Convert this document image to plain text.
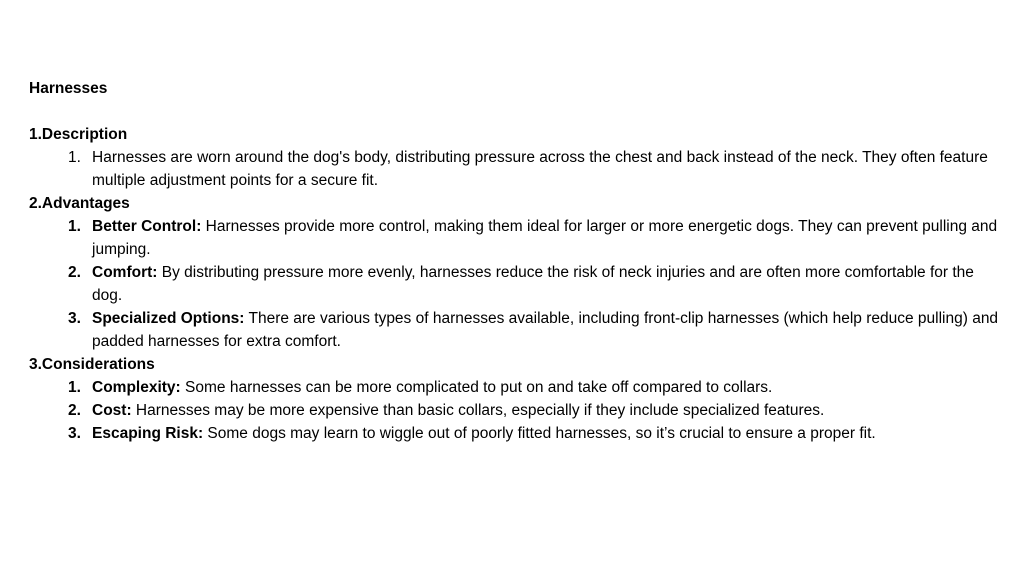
Harnesses
1.Description
1. Harnesses are worn around the dog's body, distributing pressure across the chest and back instead of the neck. They often feature multiple adjustment points for a secure fit.
2.Advantages
1. Better Control: Harnesses provide more control, making them ideal for larger or more energetic dogs. They can prevent pulling and jumping.
2. Comfort: By distributing pressure more evenly, harnesses reduce the risk of neck injuries and are often more comfortable for the dog.
3. Specialized Options: There are various types of harnesses available, including front-clip harnesses (which help reduce pulling) and padded harnesses for extra comfort.
3.Considerations
1. Complexity: Some harnesses can be more complicated to put on and take off compared to collars.
2. Cost: Harnesses may be more expensive than basic collars, especially if they include specialized features.
3. Escaping Risk: Some dogs may learn to wiggle out of poorly fitted harnesses, so it’s crucial to ensure a proper fit.
